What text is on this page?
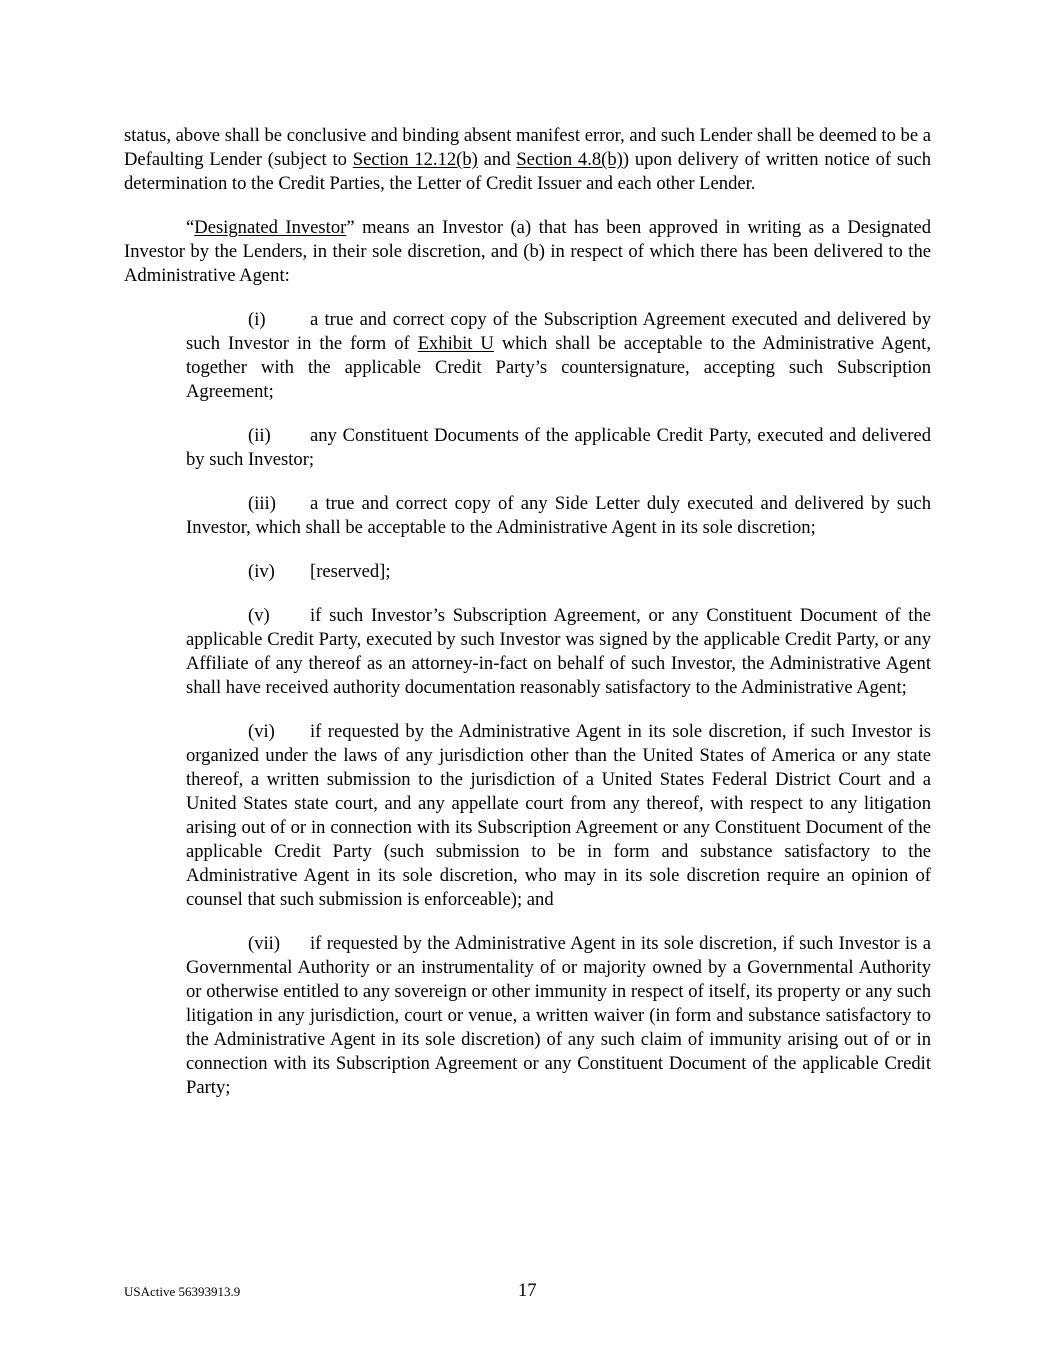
status, above shall be conclusive and binding absent manifest error, and such Lender shall be deemed to be a Defaulting Lender (subject to Section 12.12(b) and Section 4.8(b)) upon delivery of written notice of such determination to the Credit Parties, the Letter of Credit Issuer and each other Lender.

“Designated Investor” means an Investor (a) that has been approved in writing as a Designated Investor by the Lenders, in their sole discretion, and (b) in respect of which there has been delivered to the Administrative Agent:

(i) a true and correct copy of the Subscription Agreement executed and delivered by such Investor in the form of Exhibit U which shall be acceptable to the Administrative Agent, together with the applicable Credit Party’s countersignature, accepting such Subscription Agreement;

(ii) any Constituent Documents of the applicable Credit Party, executed and delivered by such Investor;

(iii) a true and correct copy of any Side Letter duly executed and delivered by such Investor, which shall be acceptable to the Administrative Agent in its sole discretion;

(iv) [reserved];

(v) if such Investor’s Subscription Agreement, or any Constituent Document of the applicable Credit Party, executed by such Investor was signed by the applicable Credit Party, or any Affiliate of any thereof as an attorney-in-fact on behalf of such Investor, the Administrative Agent shall have received authority documentation reasonably satisfactory to the Administrative Agent;

(vi) if requested by the Administrative Agent in its sole discretion, if such Investor is organized under the laws of any jurisdiction other than the United States of America or any state thereof, a written submission to the jurisdiction of a United States Federal District Court and a United States state court, and any appellate court from any thereof, with respect to any litigation arising out of or in connection with its Subscription Agreement or any Constituent Document of the applicable Credit Party (such submission to be in form and substance satisfactory to the Administrative Agent in its sole discretion, who may in its sole discretion require an opinion of counsel that such submission is enforceable); and

(vii) if requested by the Administrative Agent in its sole discretion, if such Investor is a Governmental Authority or an instrumentality of or majority owned by a Governmental Authority or otherwise entitled to any sovereign or other immunity in respect of itself, its property or any such litigation in any jurisdiction, court or venue, a written waiver (in form and substance satisfactory to the Administrative Agent in its sole discretion) of any such claim of immunity arising out of or in connection with its Subscription Agreement or any Constituent Document of the applicable Credit Party;

USActive 56393913.9	17
